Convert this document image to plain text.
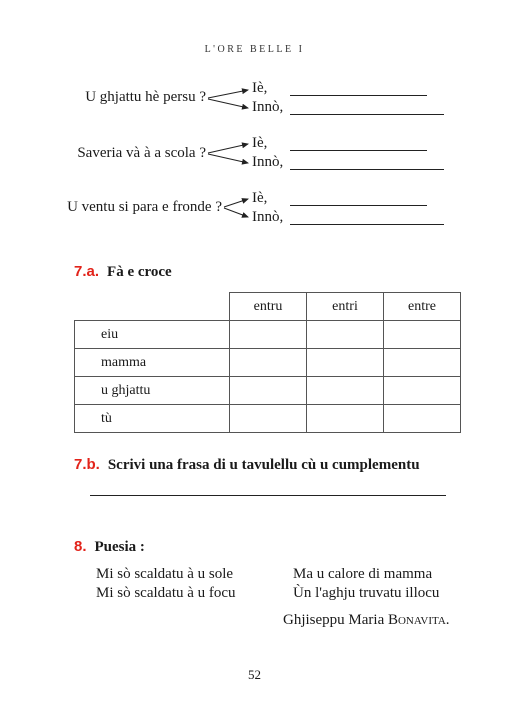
L'ORE BELLE I
U ghjattu hè persu ?
Iè,
Innò,
Saveria và à a scola ?
Iè,
Innò,
U ventu si para e fronde ?
Iè,
Innò,
7.a. Fà e croce
	entru	entri	entre
eiu			
mamma			
u ghjattu			
tù			
7.b. Scrivi una frasa di u tavulellu cù u cumplementu
8. Puesia :
Mi sò scaldatu à u sole
Mi sò scaldatu à u focu
Ma u calore di mamma
Ùn l'aghju truvatu illocu
Ghjiseppu Maria Bonavita.
52
